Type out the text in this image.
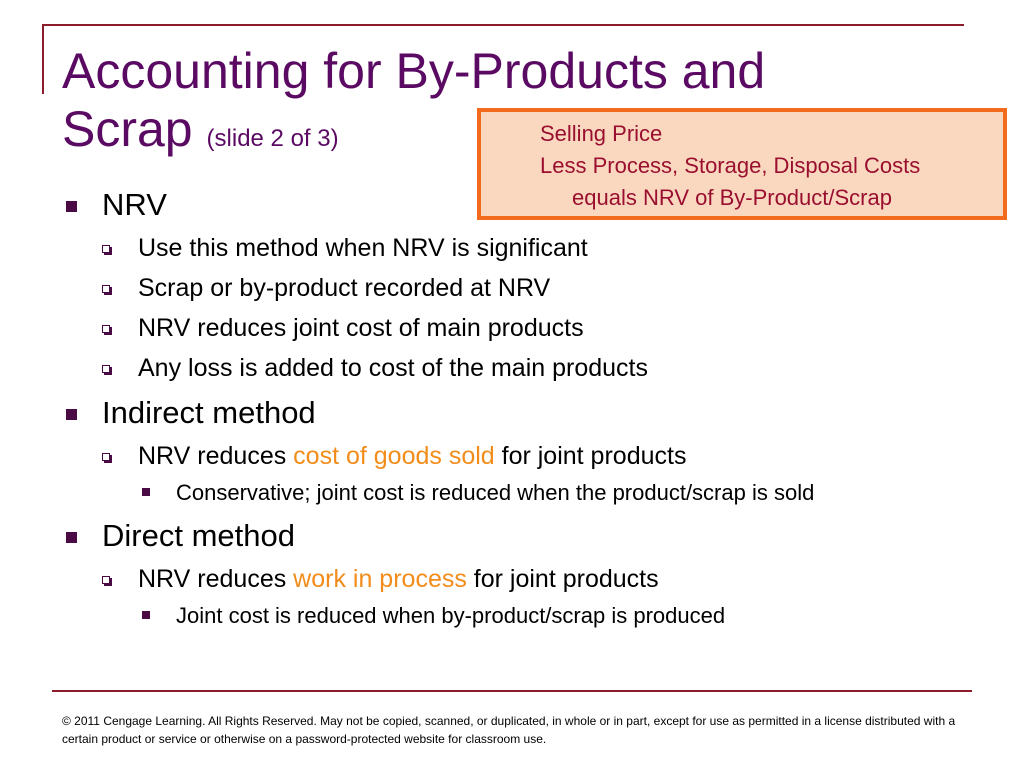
Accounting for By-Products and Scrap (slide 2 of 3)	Selling Price
Less Process, Storage, Disposal Costs equals NRV of By-Product/Scrap
NRV
Use this method when NRV is significant
Scrap or by-product recorded at NRV
NRV reduces joint cost of main products
Any loss is added to cost of the main products
Indirect method
NRV reduces cost of goods sold for joint products
Conservative; joint cost is reduced when the product/scrap is sold
Direct method
NRV reduces work in process for joint products
Joint cost is reduced when by-product/scrap is produced
© 2011 Cengage Learning. All Rights Reserved. May not be copied, scanned, or duplicated, in whole or in part, except for use as permitted in a license distributed with a certain product or service or otherwise on a password-protected website for classroom use.
